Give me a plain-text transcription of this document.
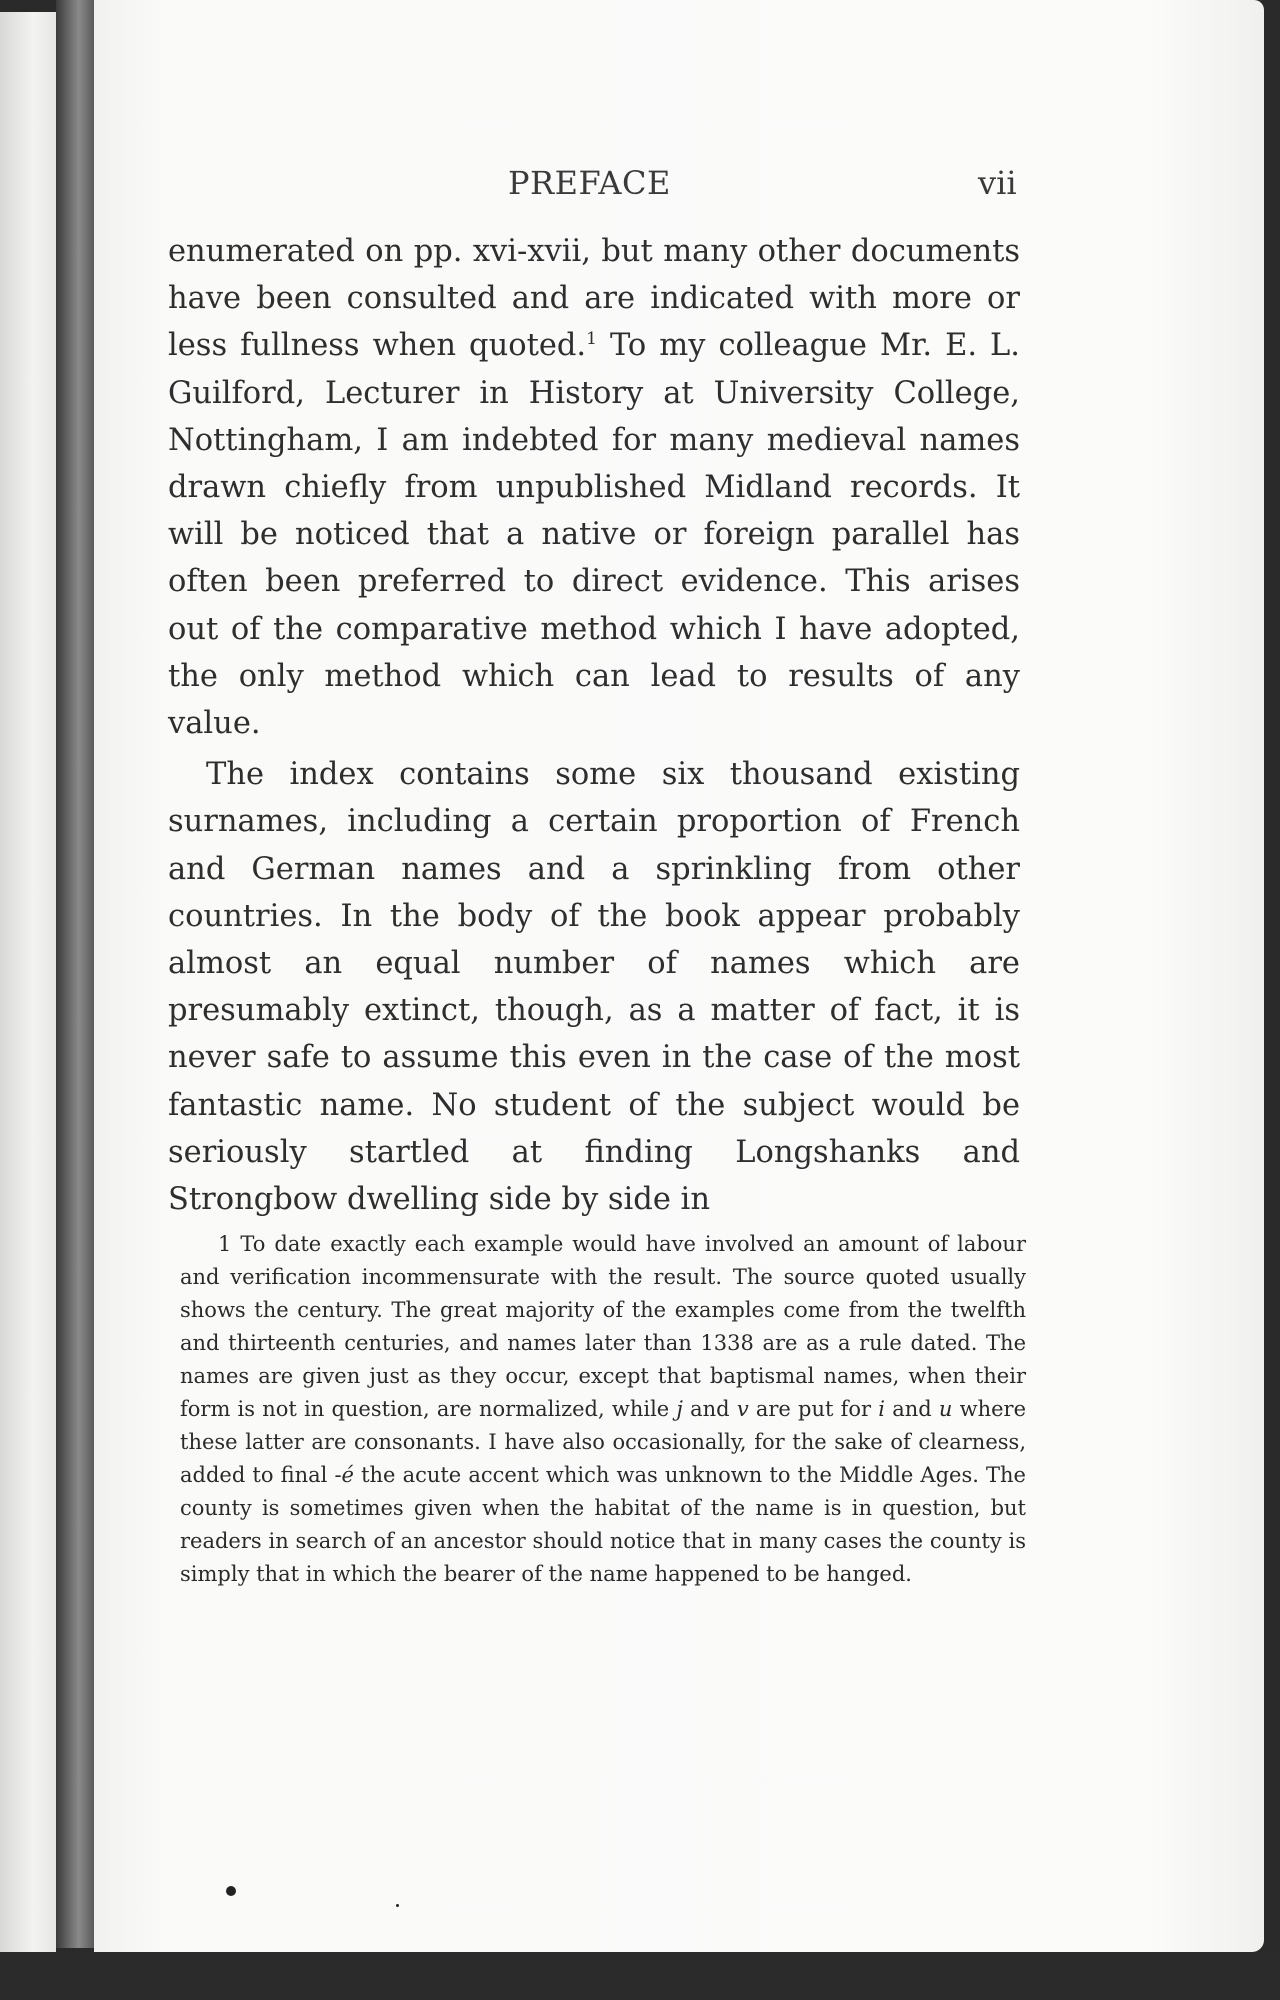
PREFACE	vii

enumerated on pp. xvi-xvii, but many other documents have been consulted and are indicated with more or less fullness when quoted.$^1$ To my colleague Mr. E. L. Guilford, Lecturer in History at University College, Nottingham, I am indebted for many medieval names drawn chiefly from unpublished Midland records. It will be noticed that a native or foreign parallel has often been preferred to direct evidence. This arises out of the comparative method which I have adopted, the only method which can lead to results of any value.

The index contains some six thousand existing surnames, including a certain proportion of French and German names and a sprinkling from other countries. In the body of the book appear probably almost an equal number of names which are presumably extinct, though, as a matter of fact, it is never safe to assume this even in the case of the most fantastic name. No student of the subject would be seriously startled at finding Longshanks and Strongbow dwelling side by side in

1 To date exactly each example would have involved an amount of labour and verification incommensurate with the result. The source quoted usually shows the century. The great majority of the examples come from the twelfth and thirteenth centuries, and names later than 1338 are as a rule dated. The names are given just as they occur, except that baptismal names, when their form is not in question, are normalized, while j and v are put for i and u where these latter are consonants. I have also occasionally, for the sake of clearness, added to final -é the acute accent which was unknown to the Middle Ages. The county is sometimes given when the habitat of the name is in question, but readers in search of an ancestor should notice that in many cases the county is simply that in which the bearer of the name happened to be hanged.
